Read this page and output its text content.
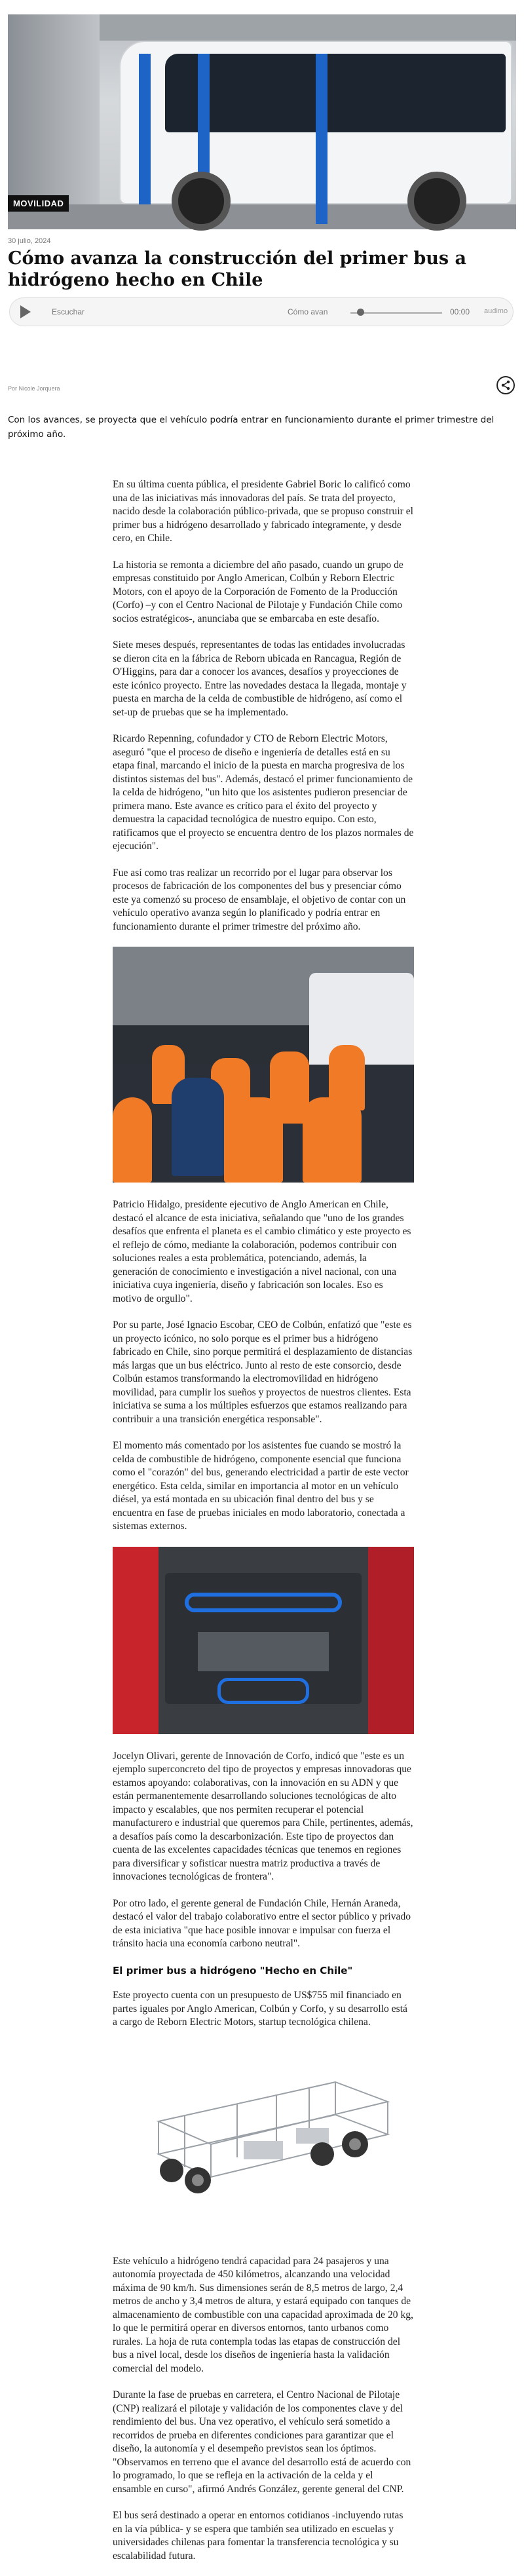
MOVILIDAD
30 julio, 2024
Cómo avanza la construcción del primer bus a hidrógeno hecho en Chile
Escuchar	Cómo avan	00:00 audimo
Por Nicole Jorquera

Con los avances, se proyecta que el vehículo podría entrar en funcionamiento durante el primer trimestre del próximo año.

En su última cuenta pública, el presidente Gabriel Boric lo calificó como una de las iniciativas más innovadoras del país. Se trata del proyecto, nacido desde la colaboración público-privada, que se propuso construir el primer bus a hidrógeno desarrollado y fabricado íntegramente, y desde cero, en Chile.

La historia se remonta a diciembre del año pasado, cuando un grupo de empresas constituido por Anglo American, Colbún y Reborn Electric Motors, con el apoyo de la Corporación de Fomento de la Producción (Corfo) –y con el Centro Nacional de Pilotaje y Fundación Chile como socios estratégicos-, anunciaba que se embarcaba en este desafío.

Siete meses después, representantes de todas las entidades involucradas se dieron cita en la fábrica de Reborn ubicada en Rancagua, Región de O'Higgins, para dar a conocer los avances, desafíos y proyecciones de este icónico proyecto. Entre las novedades destaca la llegada, montaje y puesta en marcha de la celda de combustible de hidrógeno, así como el set-up de pruebas que se ha implementado.

Ricardo Repenning, cofundador y CTO de Reborn Electric Motors, aseguró "que el proceso de diseño e ingeniería de detalles está en su etapa final, marcando el inicio de la puesta en marcha progresiva de los distintos sistemas del bus". Además, destacó el primer funcionamiento de la celda de hidrógeno, "un hito que los asistentes pudieron presenciar de primera mano. Este avance es crítico para el éxito del proyecto y demuestra la capacidad tecnológica de nuestro equipo. Con esto, ratificamos que el proyecto se encuentra dentro de los plazos normales de ejecución".

Fue así como tras realizar un recorrido por el lugar para observar los procesos de fabricación de los componentes del bus y presenciar cómo este ya comenzó su proceso de ensamblaje, el objetivo de contar con un vehículo operativo avanza según lo planificado y podría entrar en funcionamiento durante el primer trimestre del próximo año.

Patricio Hidalgo, presidente ejecutivo de Anglo American en Chile, destacó el alcance de esta iniciativa, señalando que "uno de los grandes desafíos que enfrenta el planeta es el cambio climático y este proyecto es el reflejo de cómo, mediante la colaboración, podemos contribuir con soluciones reales a esta problemática, potenciando, además, la generación de conocimiento e investigación a nivel nacional, con una iniciativa cuya ingeniería, diseño y fabricación son locales. Eso es motivo de orgullo".

Por su parte, José Ignacio Escobar, CEO de Colbún, enfatizó que "este es un proyecto icónico, no solo porque es el primer bus a hidrógeno fabricado en Chile, sino porque permitirá el desplazamiento de distancias más largas que un bus eléctrico. Junto al resto de este consorcio, desde Colbún estamos transformando la electromovilidad en hidrógeno movilidad, para cumplir los sueños y proyectos de nuestros clientes. Esta iniciativa se suma a los múltiples esfuerzos que estamos realizando para contribuir a una transición energética responsable".

El momento más comentado por los asistentes fue cuando se mostró la celda de combustible de hidrógeno, componente esencial que funciona como el "corazón" del bus, generando electricidad a partir de este vector energético. Esta celda, similar en importancia al motor en un vehículo diésel, ya está montada en su ubicación final dentro del bus y se encuentra en fase de pruebas iniciales en modo laboratorio, conectada a sistemas externos.

Jocelyn Olivari, gerente de Innovación de Corfo, indicó que "este es un ejemplo superconcreto del tipo de proyectos y empresas innovadoras que estamos apoyando: colaborativas, con la innovación en su ADN y que están permanentemente desarrollando soluciones tecnológicas de alto impacto y escalables, que nos permiten recuperar el potencial manufacturero e industrial que queremos para Chile, pertinentes, además, a desafíos país como la descarbonización. Este tipo de proyectos dan cuenta de las excelentes capacidades técnicas que tenemos en regiones para diversificar y sofisticar nuestra matriz productiva a través de innovaciones tecnológicas de frontera".

Por otro lado, el gerente general de Fundación Chile, Hernán Araneda, destacó el valor del trabajo colaborativo entre el sector público y privado de esta iniciativa "que hace posible innovar e impulsar con fuerza el tránsito hacia una economía carbono neutral".

El primer bus a hidrógeno "Hecho en Chile"

Este proyecto cuenta con un presupuesto de US$755 mil financiado en partes iguales por Anglo American, Colbún y Corfo, y su desarrollo está a cargo de Reborn Electric Motors, startup tecnológica chilena.

Este vehículo a hidrógeno tendrá capacidad para 24 pasajeros y una autonomía proyectada de 450 kilómetros, alcanzando una velocidad máxima de 90 km/h. Sus dimensiones serán de 8,5 metros de largo, 2,4 metros de ancho y 3,4 metros de altura, y estará equipado con tanques de almacenamiento de combustible con una capacidad aproximada de 20 kg, lo que le permitirá operar en diversos entornos, tanto urbanos como rurales. La hoja de ruta contempla todas las etapas de construcción del bus a nivel local, desde los diseños de ingeniería hasta la validación comercial del modelo.

Durante la fase de pruebas en carretera, el Centro Nacional de Pilotaje (CNP) realizará el pilotaje y validación de los componentes clave y del rendimiento del bus. Una vez operativo, el vehículo será sometido a recorridos de prueba en diferentes condiciones para garantizar que el diseño, la autonomía y el desempeño previstos sean los óptimos. "Observamos en terreno que el avance del desarrollo está de acuerdo con lo programado, lo que se refleja en la activación de la celda y el ensamble en curso", afirmó Andrés González, gerente general del CNP.

El bus será destinado a operar en entornos cotidianos -incluyendo rutas en la vía pública- y se espera que también sea utilizado en escuelas y universidades chilenas para fomentar la transferencia tecnológica y su escalabilidad futura.
